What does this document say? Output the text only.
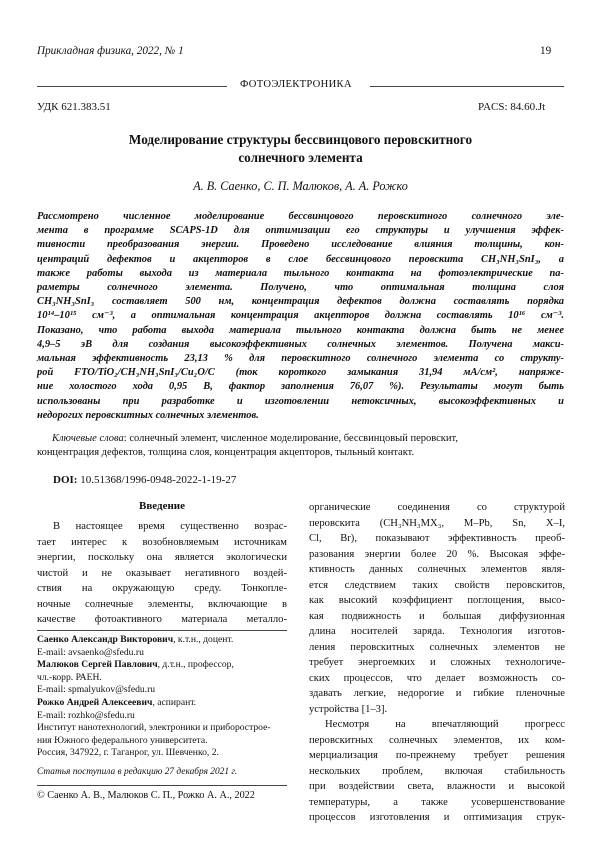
Прикладная физика, 2022, № 1	19
ФОТОЭЛЕКТРОНИКА
УДК 621.383.51	PACS: 84.60.Jt
Моделирование структуры бессвинцового перовскитного
солнечного элемента
А. В. Саенко, С. П. Малюков, А. А. Рожко
Рассмотрено численное моделирование бессвинцового перовскитного солнечного эле-
мента в программе SCAPS-1D для оптимизации его структуры и улучшения эффек-
тивности преобразования энергии. Проведено исследование влияния толщины, кон-
центраций дефектов и акцепторов в слое бессвинцового перовскита CH₃NH₃SnI₃, а
также работы выхода из материала тыльного контакта на фотоэлектрические па-
раметры солнечного элемента. Получено, что оптимальная толщина слоя
CH₃NH₃SnI₃ составляет 500 нм, концентрация дефектов должна составлять порядка
10¹⁴–10¹⁵ см⁻³, а оптимальная концентрация акцепторов должна составлять 10¹⁶ см⁻³.
Показано, что работа выхода материала тыльного контакта должна быть не менее
4,9–5 эВ для создания высокоэффективных солнечных элементов. Получена макси-
мальная эффективность 23,13 % для перовскитного солнечного элемента со структу-
рой FTO/TiO₂/CH₃NH₃SnI₃/Cu₂O/C (ток короткого замыкания 31,94 мА/см², напряже-
ние холостого хода 0,95 В, фактор заполнения 76,07 %). Результаты могут быть
использованы при разработке и изготовлении нетоксичных, высокоэффективных и
недорогих перовскитных солнечных элементов.
Ключевые слова: солнечный элемент, численное моделирование, бессвинцовый перовскит,
концентрация дефектов, толщина слоя, концентрация акцепторов, тыльный контакт.
DOI: 10.51368/1996-0948-2022-1-19-27
Введение
В настоящее время существенно возрас-
тает интерес к возобновляемым источникам
энергии, поскольку она является экологически
чистой и не оказывает негативного воздей-
ствия на окружающую среду. Тонкопле-
ночные солнечные элементы, включающие в
качестве фотоактивного материала металло-
Саенко Александр Викторович, к.т.н., доцент.
E-mail: avsaenko@sfedu.ru
Малюков Сергей Павлович, д.т.н., профессор,
чл.-корр. РАЕН.
E-mail: spmalyukov@sfedu.ru
Рожко Андрей Алексеевич, аспирант.
E-mail: rozhko@sfedu.ru
Институт нанотехнологий, электроники и приборострое-
ния Южного федерального университета.
Россия, 347922, г. Таганрог, ул. Шевченко, 2.
Статья поступила в редакцию 27 декабря 2021 г.
© Саенко А. В., Малюков С. П., Рожко А. А., 2022
органические соединения со структурой
перовскита (CH₃NH₃MX₃, M–Pb, Sn, X–I,
Cl, Br), показывают эффективность преоб-
разования энергии более 20 %. Высокая эффе-
ктивность данных солнечных элементов явля-
ется следствием таких свойств перовскитов,
как высокий коэффициент поглощения, высо-
кая подвижность и большая диффузионная
длина носителей заряда. Технология изготов-
ления перовскитных солнечных элементов не
требует энергоемких и сложных технологиче-
ских процессов, что делает возможность со-
здавать легкие, недорогие и гибкие пленочные
устройства [1–3].
Несмотря на впечатляющий прогресс
перовскитных солнечных элементов, их ком-
мерциализация по-прежнему требует решения
нескольких проблем, включая стабильность
при воздействии света, влажности и высокой
температуры, а также усовершенствование
процессов изготовления и оптимизация струк-
